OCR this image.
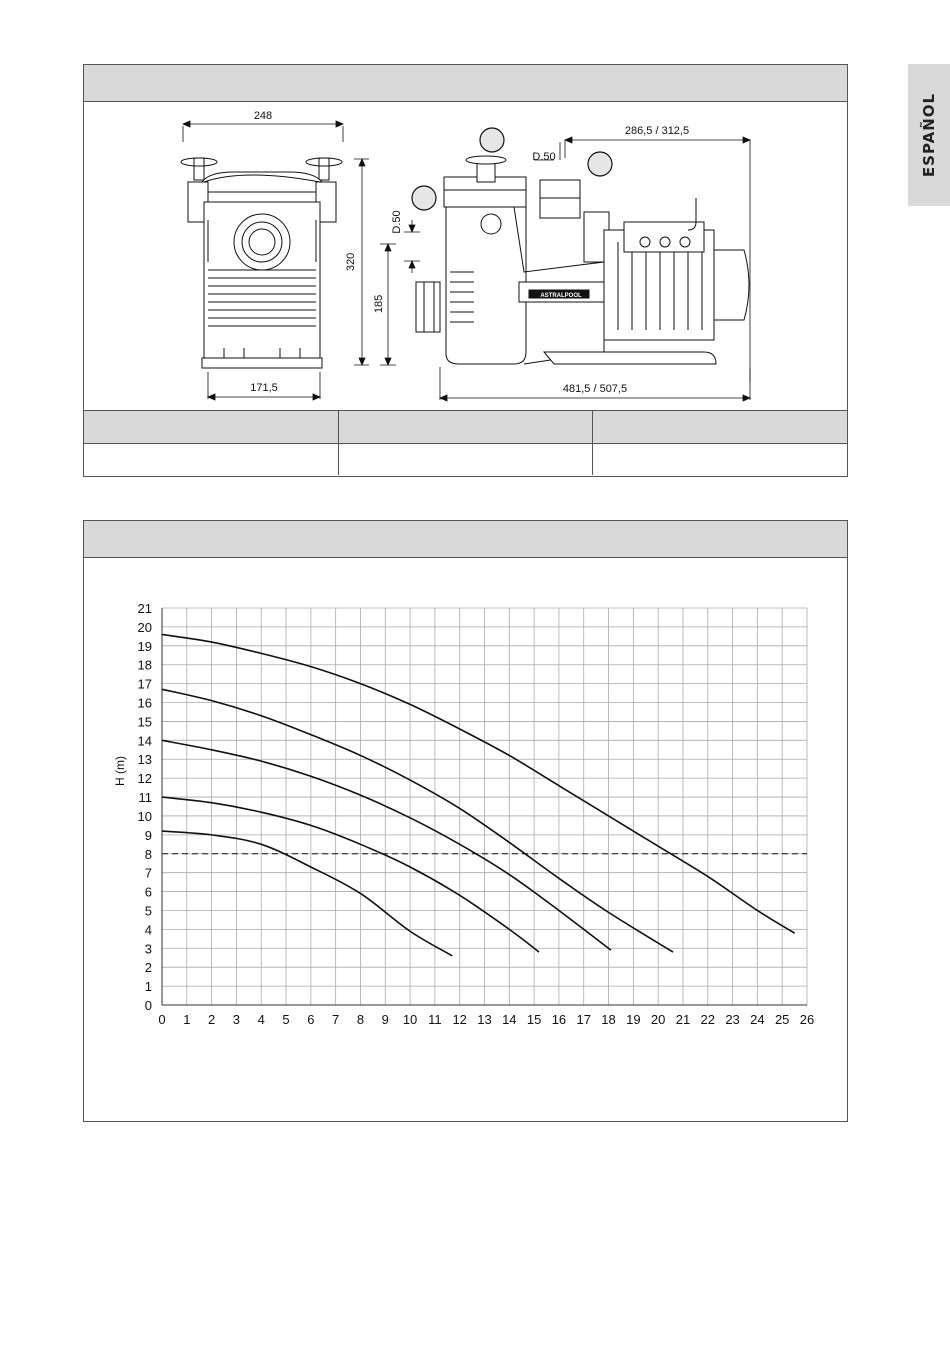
ESPAÑOL
248
320
171,5
185
D.50
D.50
286,5 / 312,5
481,5 / 507,5
ASTRALPOOL
0 1 2 3 4 5 6 7 8 9 10 11 12 13 14 15 16 17 18 19 20 21 22 23 24 25 26
0
1
2
3
4
5
6
7
8
9
10
11
12
13
14
15
16
17
18
19
20
21
H (m)
